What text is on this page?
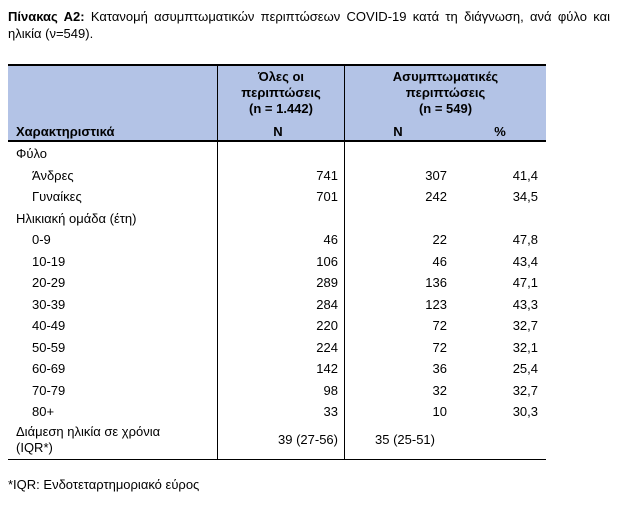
Πίνακας Α2: Κατανομή ασυμπτωματικών περιπτώσεων COVID-19 κατά τη διάγνωση, ανά φύλο και ηλικία (ν=549).
Χαρακτηριστικά
Όλες οι
περιπτώσεις
(n = 1.442)
N
Ασυμπτωματικές
περιπτώσεις
(n = 549)
N	%
Φύλο
Άνδρες	741	307	41,4
Γυναίκες	701	242	34,5
Ηλικιακή ομάδα (έτη)
0-9	46	22	47,8
10-19	106	46	43,4
20-29	289	136	47,1
30-39	284	123	43,3
40-49	220	72	32,7
50-59	224	72	32,1
60-69	142	36	25,4
70-79	98	32	32,7
80+	33	10	30,3
Διάμεση ηλικία σε χρόνια
(IQR*)
39 (27-56)	35 (25-51)
*IQR: Ενδοτεταρτημοριακό εύρος
